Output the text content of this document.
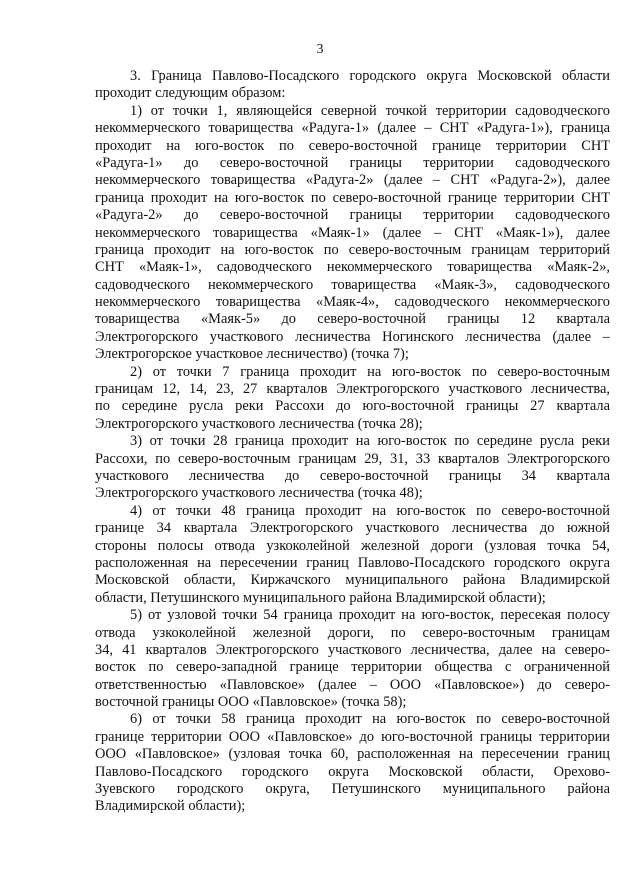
3
3. Граница Павлово-Посадского городского округа Московской области
проходит следующим образом:
1) от точки 1, являющейся северной точкой территории садоводческого
некоммерческого товарищества «Радуга-1» (далее – СНТ «Радуга-1»), граница
проходит на юго-восток по северо-восточной границе территории СНТ
«Радуга-1» до северо-восточной границы территории садоводческого
некоммерческого товарищества «Радуга-2» (далее – СНТ «Радуга-2»), далее
граница проходит на юго-восток по северо-восточной границе территории СНТ
«Радуга-2» до северо-восточной границы территории садоводческого
некоммерческого товарищества «Маяк-1» (далее – СНТ «Маяк-1»), далее
граница проходит на юго-восток по северо-восточным границам территорий
СНТ «Маяк-1», садоводческого некоммерческого товарищества «Маяк-2»,
садоводческого некоммерческого товарищества «Маяк-3», садоводческого
некоммерческого товарищества «Маяк-4», садоводческого некоммерческого
товарищества «Маяк-5» до северо-восточной границы 12 квартала
Электрогорского участкового лесничества Ногинского лесничества (далее –
Электрогорское участковое лесничество) (точка 7);
2) от точки 7 граница проходит на юго-восток по северо-восточным
границам 12, 14, 23, 27 кварталов Электрогорского участкового лесничества,
по середине русла реки Рассохи до юго-восточной границы 27 квартала
Электрогорского участкового лесничества (точка 28);
3) от точки 28 граница проходит на юго-восток по середине русла реки
Рассохи, по северо-восточным границам 29, 31, 33 кварталов Электрогорского
участкового лесничества до северо-восточной границы 34 квартала
Электрогорского участкового лесничества (точка 48);
4) от точки 48 граница проходит на юго-восток по северо-восточной
границе 34 квартала Электрогорского участкового лесничества до южной
стороны полосы отвода узкоколейной железной дороги (узловая точка 54,
расположенная на пересечении границ Павлово-Посадского городского округа
Московской области, Киржачского муниципального района Владимирской
области, Петушинского муниципального района Владимирской области);
5) от узловой точки 54 граница проходит на юго-восток, пересекая полосу
отвода узкоколейной железной дороги, по северо-восточным границам
34, 41 кварталов Электрогорского участкового лесничества, далее на северо-
восток по северо-западной границе территории общества с ограниченной
ответственностью «Павловское» (далее – ООО «Павловское») до северо-
восточной границы ООО «Павловское» (точка 58);
6) от точки 58 граница проходит на юго-восток по северо-восточной
границе территории ООО «Павловское» до юго-восточной границы территории
ООО «Павловское» (узловая точка 60, расположенная на пересечении границ
Павлово-Посадского городского округа Московской области, Орехово-
Зуевского городского округа, Петушинского муниципального района
Владимирской области);
